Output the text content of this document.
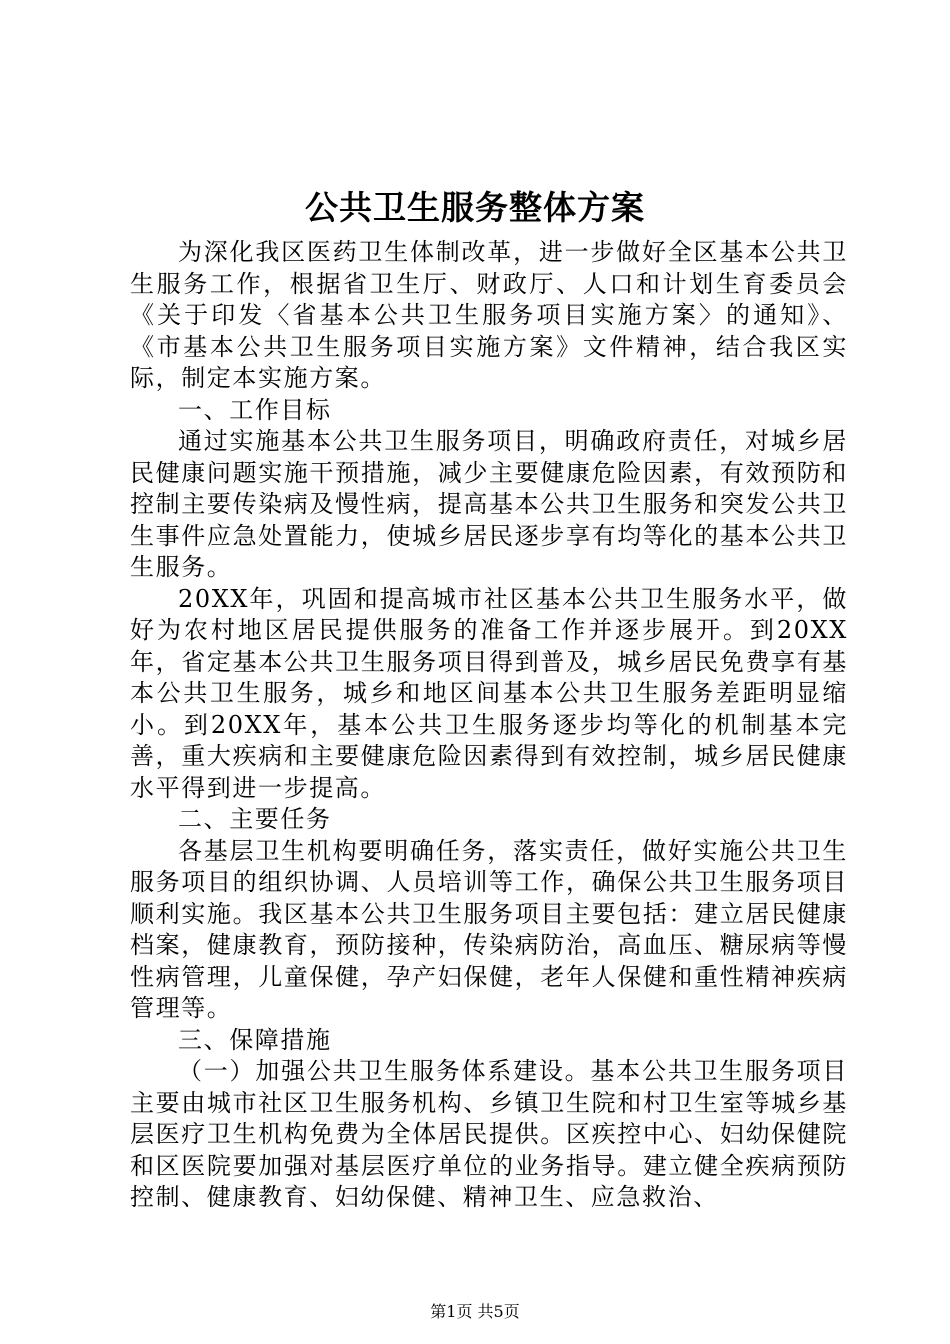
公共卫生服务整体方案

为深化我区医药卫生体制改革，进一步做好全区基本公共卫生服务工作，根据省卫生厅、财政厅、人口和计划生育委员会《关于印发〈省基本公共卫生服务项目实施方案〉的通知》、《市基本公共卫生服务项目实施方案》文件精神，结合我区实际，制定本实施方案。

一、工作目标

通过实施基本公共卫生服务项目，明确政府责任，对城乡居民健康问题实施干预措施，减少主要健康危险因素，有效预防和控制主要传染病及慢性病，提高基本公共卫生服务和突发公共卫生事件应急处置能力，使城乡居民逐步享有均等化的基本公共卫生服务。

20XX年，巩固和提高城市社区基本公共卫生服务水平，做好为农村地区居民提供服务的准备工作并逐步展开。到20XX年，省定基本公共卫生服务项目得到普及，城乡居民免费享有基本公共卫生服务，城乡和地区间基本公共卫生服务差距明显缩小。到20XX年，基本公共卫生服务逐步均等化的机制基本完善，重大疾病和主要健康危险因素得到有效控制，城乡居民健康水平得到进一步提高。

二、主要任务

各基层卫生机构要明确任务，落实责任，做好实施公共卫生服务项目的组织协调、人员培训等工作，确保公共卫生服务项目顺利实施。我区基本公共卫生服务项目主要包括：建立居民健康档案，健康教育，预防接种，传染病防治，高血压、糖尿病等慢性病管理，儿童保健，孕产妇保健，老年人保健和重性精神疾病管理等。

三、保障措施

（一）加强公共卫生服务体系建设。基本公共卫生服务项目主要由城市社区卫生服务机构、乡镇卫生院和村卫生室等城乡基层医疗卫生机构免费为全体居民提供。区疾控中心、妇幼保健院和区医院要加强对基层医疗单位的业务指导。建立健全疾病预防控制、健康教育、妇幼保健、精神卫生、应急救治、

第1页 共5页
